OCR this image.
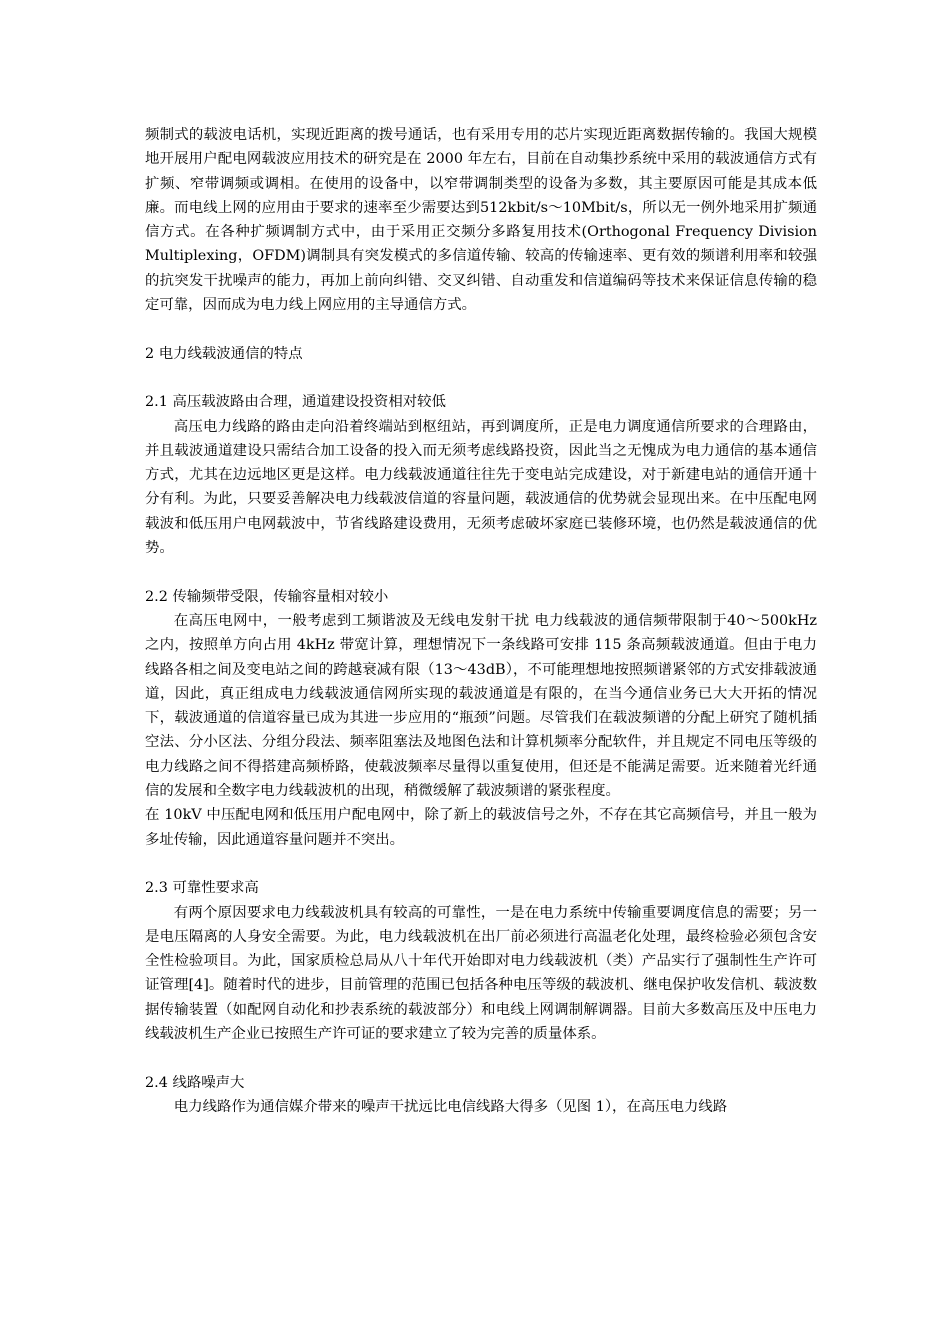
频制式的载波电话机，实现近距离的拨号通话，也有采用专用的芯片实现近距离数据传输的。我国大规模地开展用户配电网载波应用技术的研究是在 2000 年左右，目前在自动集抄系统中采用的载波通信方式有扩频、窄带调频或调相。在使用的设备中，以窄带调制类型的设备为多数，其主要原因可能是其成本低廉。而电线上网的应用由于要求的速率至少需要达到512kbit/s～10Mbit/s，所以无一例外地采用扩频通信方式。在各种扩频调制方式中，由于采用正交频分多路复用技术(Orthogonal Frequency Division Multiplexing，OFDM)调制具有突发模式的多信道传输、较高的传输速率、更有效的频谱利用率和较强的抗突发干扰噪声的能力，再加上前向纠错、交叉纠错、自动重发和信道编码等技术来保证信息传输的稳定可靠，因而成为电力线上网应用的主导通信方式。

2 电力线载波通信的特点
2.1 高压载波路由合理，通道建设投资相对较低

高压电力线路的路由走向沿着终端站到枢纽站，再到调度所，正是电力调度通信所要求的合理路由，并且载波通道建设只需结合加工设备的投入而无须考虑线路投资，因此当之无愧成为电力通信的基本通信方式，尤其在边远地区更是这样。电力线载波通道往往先于变电站完成建设，对于新建电站的通信开通十分有利。为此，只要妥善解决电力线载波信道的容量问题，载波通信的优势就会显现出来。在中压配电网载波和低压用户电网载波中，节省线路建设费用，无须考虑破坏家庭已装修环境，也仍然是载波通信的优势。

2.2 传输频带受限，传输容量相对较小

在高压电网中，一般考虑到工频谐波及无线电发射干扰 电力线载波的通信频带限制于40～500kHz 之内，按照单方向占用 4kHz 带宽计算，理想情况下一条线路可安排 115 条高频载波通道。但由于电力线路各相之间及变电站之间的跨越衰减有限（13～43dB），不可能理想地按照频谱紧邻的方式安排载波通道，因此，真正组成电力线载波通信网所实现的载波通道是有限的，在当今通信业务已大大开拓的情况下，载波通道的信道容量已成为其进一步应用的“瓶颈”问题。尽管我们在载波频谱的分配上研究了随机插空法、分小区法、分组分段法、频率阻塞法及地图色法和计算机频率分配软件，并且规定不同电压等级的电力线路之间不得搭建高频桥路，使载波频率尽量得以重复使用，但还是不能满足需要。近来随着光纤通信的发展和全数字电力线载波机的出现，稍微缓解了载波频谱的紧张程度。

在 10kV 中压配电网和低压用户配电网中，除了新上的载波信号之外，不存在其它高频信号，并且一般为多址传输，因此通道容量问题并不突出。

2.3 可靠性要求高

有两个原因要求电力线载波机具有较高的可靠性，一是在电力系统中传输重要调度信息的需要；另一是电压隔离的人身安全需要。为此，电力线载波机在出厂前必须进行高温老化处理，最终检验必须包含安全性检验项目。为此，国家质检总局从八十年代开始即对电力线载波机（类）产品实行了强制性生产许可证管理[4]。随着时代的进步，目前管理的范围已包括各种电压等级的载波机、继电保护收发信机、载波数据传输装置（如配网自动化和抄表系统的载波部分）和电线上网调制解调器。目前大多数高压及中压电力线载波机生产企业已按照生产许可证的要求建立了较为完善的质量体系。

2.4 线路噪声大

电力线路作为通信媒介带来的噪声干扰远比电信线路大得多（见图 1），在高压电力线路
